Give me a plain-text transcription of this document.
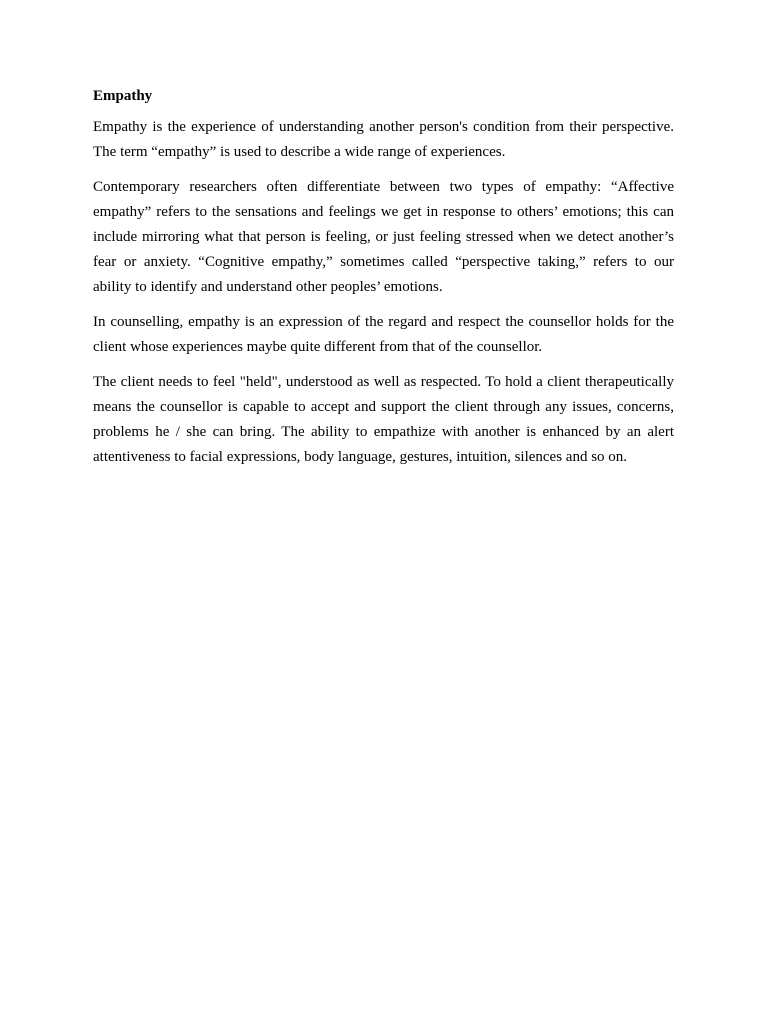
Empathy

Empathy is the experience of understanding another person's condition from their perspective. The term “empathy” is used to describe a wide range of experiences.

Contemporary researchers often differentiate between two types of empathy: “Affective empathy” refers to the sensations and feelings we get in response to others’ emotions; this can include mirroring what that person is feeling, or just feeling stressed when we detect another’s fear or anxiety. “Cognitive empathy,” sometimes called “perspective taking,” refers to our ability to identify and understand other peoples’ emotions.

In counselling, empathy is an expression of the regard and respect the counsellor holds for the client whose experiences maybe quite different from that of the counsellor.

The client needs to feel "held", understood as well as respected. To hold a client therapeutically means the counsellor is capable to accept and support the client through any issues, concerns, problems he / she can bring. The ability to empathize with another is enhanced by an alert attentiveness to facial expressions, body language, gestures, intuition, silences and so on.
